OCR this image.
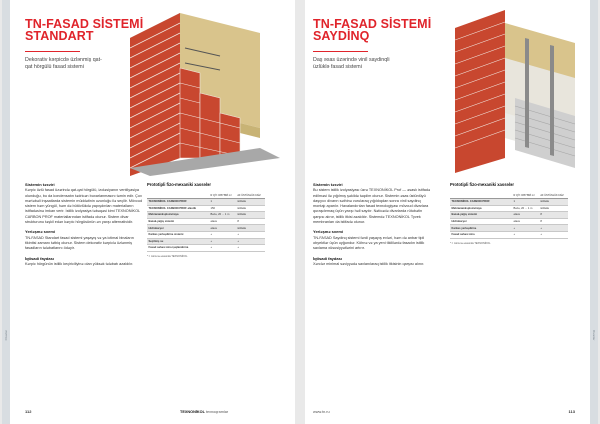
Divarlar
TN-FASAD SİSTEMİ
STANDART
Dekorativ kərpicdə üzlənmiş qat-qat hörgülü fasad sistemi
Sistemin təsviri

Kərpic üzlü fasad üzərində qat-qat hörgülü, izoləsiyanın ventilyasiya olunduğu, bu da kondensatın tədricən buxarlanmasını təmin edir. Çox mərtəbəli inşaatlarda sistemin müddətinin uzunluğu ilə seçilir. Mövcud sistem həm yüngül, həm də bütövlükdə yapışdırılan materialların istifadəsinə imkan verir. İstilik izolyasiya təbəqəsi kimi TEXNONİKOL CARBON PROF materiallarından istifadə olunur. Sistem divar strukturunu təşkil edən kərpic hörgüsünün ən yaxşı alternatividir.

Yerləşmə sxemi

TN-FASAD Standart fasad sistemi yaşayış və ya ictimai binaların tikintisi zamanı tətbiq olunur. Sistem dekorativ kərpiclə üzlənmiş fasadların tələbatlarını ödəyir.

İqtisadi faydası

Kərpic hörgünün istilik keçiriciliyinə olan yüksək tələbatı azaldılır.

Prototipli fizo-mexaniki xassələr
	R QİY. DƏYƏRİ m²	AF ÜSTÜNLÜK FAİZ
TEXNONİKOL CARBON PROF	1	istifadə
TEXNONİKOL CARBON PROF elastik	150	istifadə
Mebrana/eksplozivnaya	Bəzə, 20 ... 1 m	istifadə
Bəzək-yağış sistemi	əlavə	8
Hidrobaryer	əlavə	istifadə
Karkas yerləşdirmə sistemi	+	+
Seçilmiş su	+	+
Fasad sahəsi üzrə işıqlandırma	+	+
* = nümunə əsasında TEXNONİKOL
112	TEXNONİKOL texnoqramlar
Divarlar
TN-FASAD SİSTEMİ
SAYDİNQ
Daş əsas üzərində vinil saydinqli üzlüklə fasad sistemi
Sistemin təsviri

Bu sistem istilik izolyasiyası üzrə TEXNONİKOL Prof — əsaslı istifadə edilməsi ilə yığılmış şəkildə təqdim olunur. Sistemin əsas üstünlüyü daşıyıcı divarın səthinə vurularaq yığıldıqdan sonra vinil saydinq montajı aparılır. Havalandırılan fasad texnologiyası mövcud divarlara quraşdırmaq üçün yaxşı həll sayılır. Nəticədə divarlarda rütubətin qarşısı alınır, istilik itkisi azaldılır. Sistemdə TEXNONİKOL Tyvek membranları da istifadə olunur.

Yerləşmə sxemi

TN-FASAD Saydinq sistemi fərdi yaşayış evləri, həm də anbar tipli obyektlər üçün uyğundur. Köhnə və ya yeni tikililərdə fasadın istilik saxlama xüsusiyyətlərini artırır.

İqtisadi faydası

Xərclər minimal səviyyədə saxlanılaraq istilik itkisinin qarşısı alınır.

Prototipli fizo-mexaniki xassələr
	R QİY. DƏYƏRİ m²	AF ÜSTÜNLÜK FAİZ
TEXNONİKOL CARBON PROF	1	istifadə
Mebrana/eksplozivnaya	Bəzə, 20 ... 1 m	istifadə
Bəzək-yağış sistemi	əlavə	8
Hidrobaryer	əlavə	8
Karkas yerləşdirmə	+	+
Fasad sahəsi üzrə	+	+
* = nümunə əsasında TEXNONİKOL
www.tn.ru	113
